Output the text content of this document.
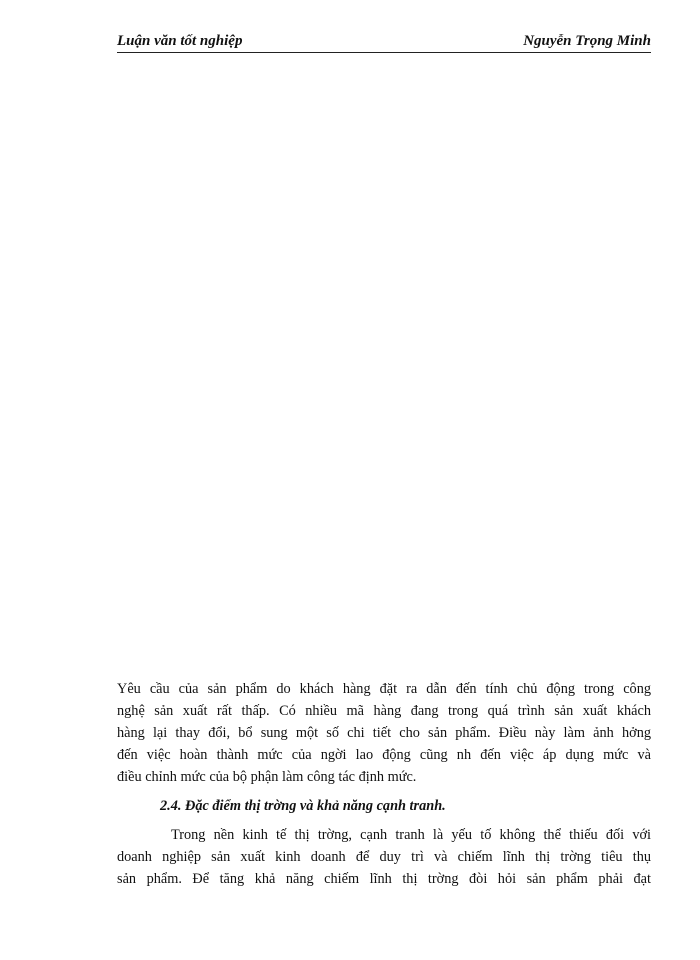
Luận văn tốt nghiệp	Nguyễn Trọng Minh
Yêu cầu của sản phẩm do khách hàng đặt ra dẫn đến tính chủ động trong công
nghệ sản xuất rất thấp. Có nhiều mã hàng đang trong quá trình sản xuất khách
hàng lại thay đổi, bổ sung một số chi tiết cho sản phẩm. Điều này làm ảnh hởng
đến việc hoàn thành mức của ngời lao động cũng nh đến việc áp dụng mức và
điều chỉnh mức của bộ phận làm công tác định mức.
2.4. Đặc điểm thị trờng và khả năng cạnh tranh.
Trong nền kinh tế thị trờng, cạnh tranh là yếu tố không thể thiếu đối với
doanh nghiệp sản xuất kinh doanh để duy trì và chiếm lĩnh thị trờng tiêu thụ
sản phẩm. Để tăng khả năng chiếm lĩnh thị trờng đòi hỏi sản phẩm phải đạt
